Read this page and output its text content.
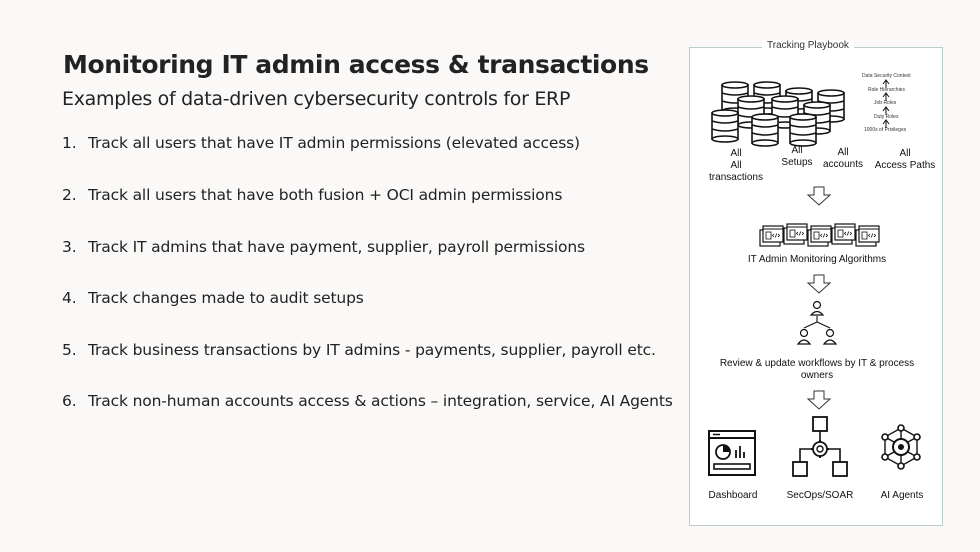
Monitoring IT admin access & transactions
Examples of data-driven cybersecurity controls for ERP
1. Track all users that have IT admin permissions (elevated access)
2. Track all users that have both fusion + OCI admin permissions
3. Track IT admins that have payment, supplier, payroll permissions
4. Track changes made to audit setups
5. Track business transactions by IT admins - payments, supplier, payroll etc.
6. Track non-human accounts access & actions – integration, service, AI Agents
Tracking Playbook
Data Security Context
Role Hierarchies
Job Roles
Duty Roles
1000s of Privileges
All
All transactions
All
Setups
All
accounts
All
Access Paths
IT Admin Monitoring Algorithms
Review & update workflows by IT & process owners
Dashboard	SecOps/SOAR	AI Agents
